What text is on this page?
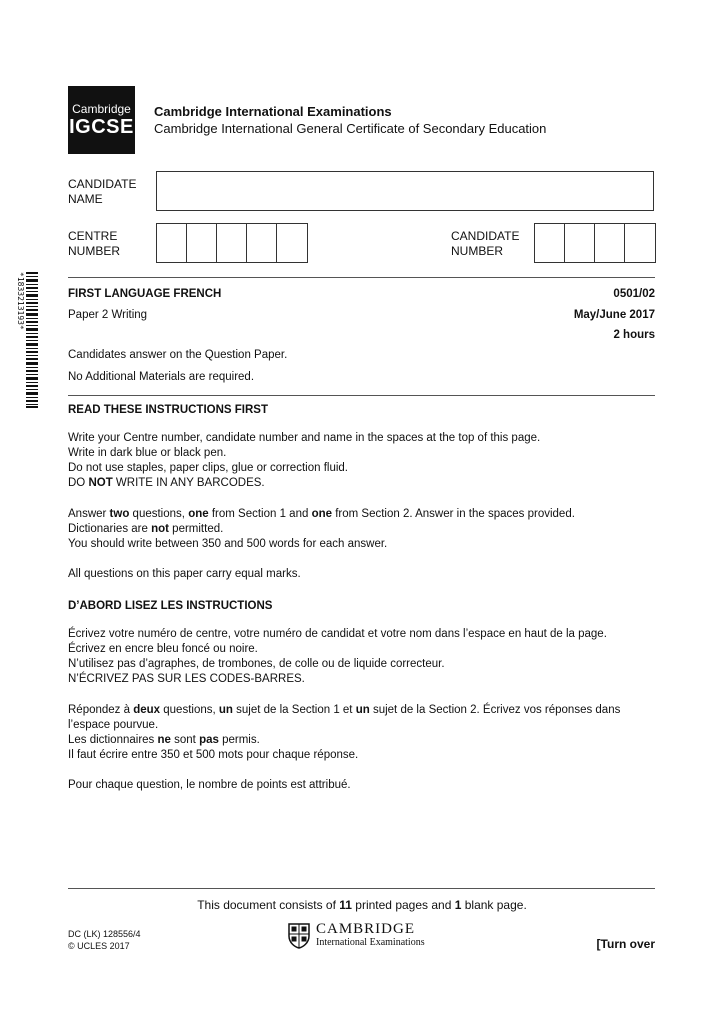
Cambridge
IGCSE
Cambridge International Examinations
Cambridge International General Certificate of Secondary Education
CANDIDATE
NAME
CENTRE
NUMBER
CANDIDATE
NUMBER
*1833213193*	FIRST LANGUAGE FRENCH	0501/02
Paper 2 Writing	May/June 2017
2 hours
Candidates answer on the Question Paper.
No Additional Materials are required.
READ THESE INSTRUCTIONS FIRST
Write your Centre number, candidate number and name in the spaces at the top of this page.
Write in dark blue or black pen.
Do not use staples, paper clips, glue or correction fluid.
DO NOT WRITE IN ANY BARCODES.
Answer two questions, one from Section 1 and one from Section 2. Answer in the spaces provided.
Dictionaries are not permitted.
You should write between 350 and 500 words for each answer.
All questions on this paper carry equal marks.
D’ABORD LISEZ LES INSTRUCTIONS
Écrivez votre numéro de centre, votre numéro de candidat et votre nom dans l’espace en haut de la page.
Écrivez en encre bleu foncé ou noire.
N’utilisez pas d’agraphes, de trombones, de colle ou de liquide correcteur.
N’ÉCRIVEZ PAS SUR LES CODES-BARRES.
Répondez à deux questions, un sujet de la Section 1 et un sujet de la Section 2. Écrivez vos réponses dans
l’espace pourvue.
Les dictionnaires ne sont pas permis.
Il faut écrire entre 350 et 500 mots pour chaque réponse.
Pour chaque question, le nombre de points est attribué.
This document consists of 11 printed pages and 1 blank page.
DC (LK) 128556/4
© UCLES 2017
CAMBRIDGE
International Examinations	[Turn over
